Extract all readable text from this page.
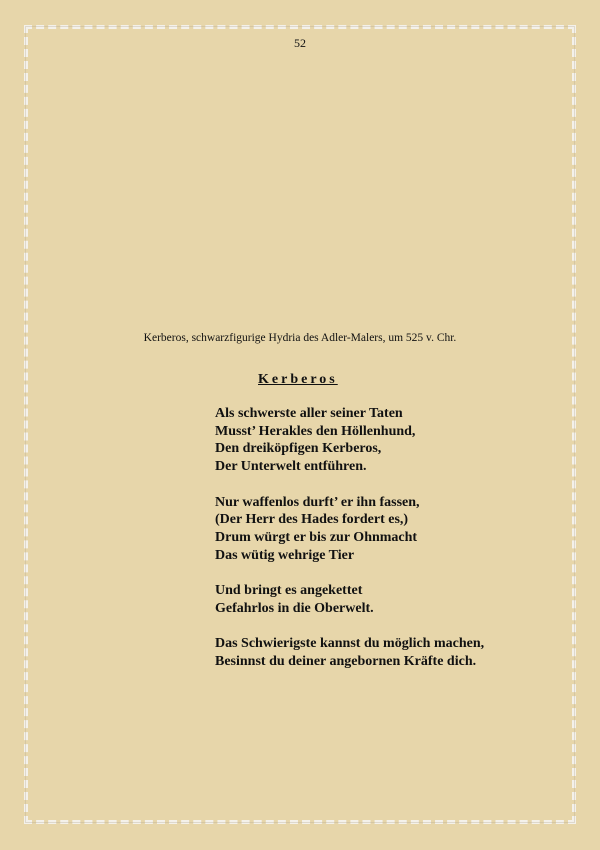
52
Kerberos, schwarzfigurige Hydria des Adler-Malers, um 525 v. Chr.
Kerberos
Als schwerste aller seiner Taten
Musst’ Herakles den Höllenhund,
Den dreiköpfigen Kerberos,
Der Unterwelt entführen.
Nur waffenlos durft’ er ihn fassen,
(Der Herr des Hades fordert es,)
Drum würgt er bis zur Ohnmacht
Das wütig wehrige Tier
Und bringt es angekettet
Gefahrlos in die Oberwelt.
Das Schwierigste kannst du möglich machen,
Besinnst du deiner angebornen Kräfte dich.
